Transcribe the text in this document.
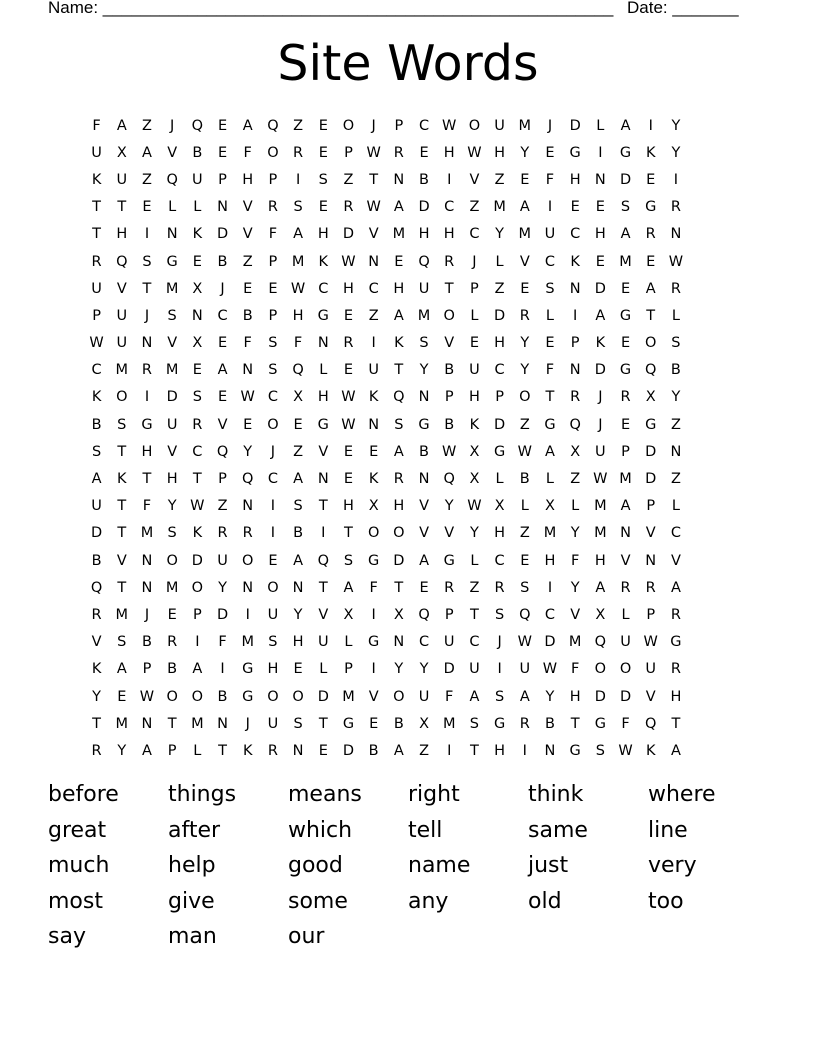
Name: ______________________________________________________ Date: _______
Site Words
F	A	Z	J	Q	E	A	Q	Z	E	O	J	P	C W O U M	J	D	L	A	I	Y
U	X	A	V	B	E	F	O R	E	P W R	E	H W H	Y	E	G	I	G	K	Y
K	U	Z	Q U	P	H	P	I	S	Z	T	N	B	I	V	Z	E	F	H N D	E	I
T	T	E	L	L	N	V	R	S	E	R W A	D	C	Z M A	I	E	E	S	G	R
T	H	I	N	K	D	V	F	A	H D	V M H H	C	Y	M U	C	H	A	R	N
R Q	S	G	E	B	Z	P	M K W N	E	Q R	J	L	V	C	K	E M E W
U	V	T	M X	J	E	E W C	H	C	H U	T	P	Z	E	S	N D	E	A	R
P	U	J	S	N	C	B	P	H G	E	Z	A M O	L	D	R	L	I	A	G	T	L
W U N	V	X	E	F	S	F	N	R	I	K	S	V	E	H	Y	E	P	K	E	O	S
C M R M E	A	N	S	Q	L	E	U	T	Y	B	U	C	Y	F	N D G Q	B
K	O	I	D	S	E W C	X	H W K	Q N	P	H	P	O	T	R	J	R	X	Y
B	S	G U	R	V	E	O	E	G W N	S	G	B	K	D	Z	G Q	J	E	G	Z
S	T	H	V	C Q	Y	J	Z	V	E	E	A	B W X	G W A	X	U	P	D N
A	K	T	H	T	P	Q C	A	N	E	K	R	N Q	X	L	B	L	Z W M D	Z
U	T	F	Y W Z	N	I	S	T	H	X	H	V	Y W X	L	X	L	M A	P	L
D	T	M S	K	R	R	I	B	I	T	O O	V	V	Y	H	Z M	Y	M N	V	C
B	V	N O D U O	E	A	Q	S	G D	A	G	L	C	E	H	F	H	V	N	V
Q	T	N M O	Y	N O N	T	A	F	T	E	R	Z	R	S	I	Y	A	R	R	A
R M	J	E	P	D	I	U	Y	V	X	I	X	Q	P	T	S	Q C	V	X	L	P	R
V	S	B	R	I	F	M S	H U	L	G N	C	U	C	J	W D M Q U W G
K	A	P	B	A	I	G H	E	L	P	I	Y	Y	D U	I	U W F	O O U	R
Y	E W O O	B	G O O D M V	O U	F	A	S	A	Y	H D D	V	H
T	M N	T	M N	J	U	S	T	G	E	B	X M S	G	R	B	T	G	F	Q	T
R	Y	A	P	L	T	K	R	N	E	D	B	A	Z	I	T	H	I	N G	S W K	A
before	things	means	right	think	where
great	after	which	tell	same	line
much	help	good	name	just	very
most	give	some	any	old	too
say	man	our
